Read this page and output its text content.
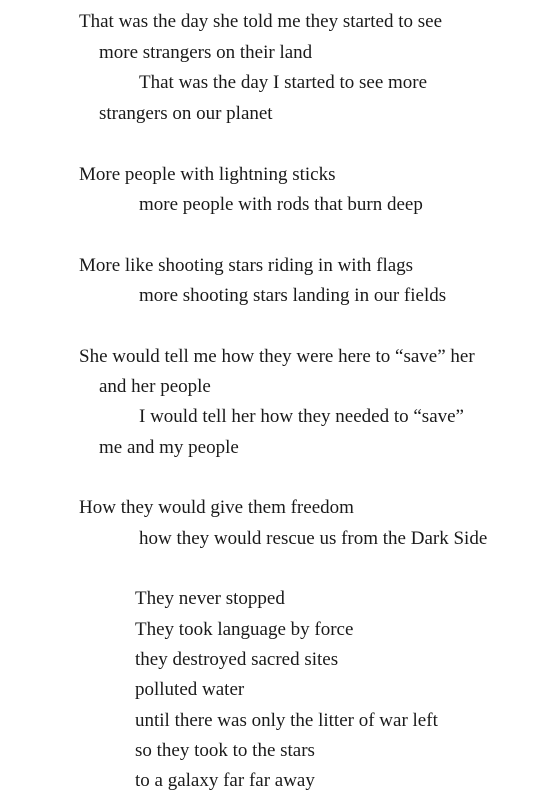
That was the day she told me they started to see
more strangers on their land
That was the day I started to see more
strangers on our planet
More people with lightning sticks
more people with rods that burn deep
More like shooting stars riding in with flags
more shooting stars landing in our fields
She would tell me how they were here to “save” her
and her people
I would tell her how they needed to “save”
me and my people
How they would give them freedom
how they would rescue us from the Dark Side
They never stopped
They took language by force
they destroyed sacred sites
polluted water
until there was only the litter of war left
so they took to the stars
to a galaxy far far away
